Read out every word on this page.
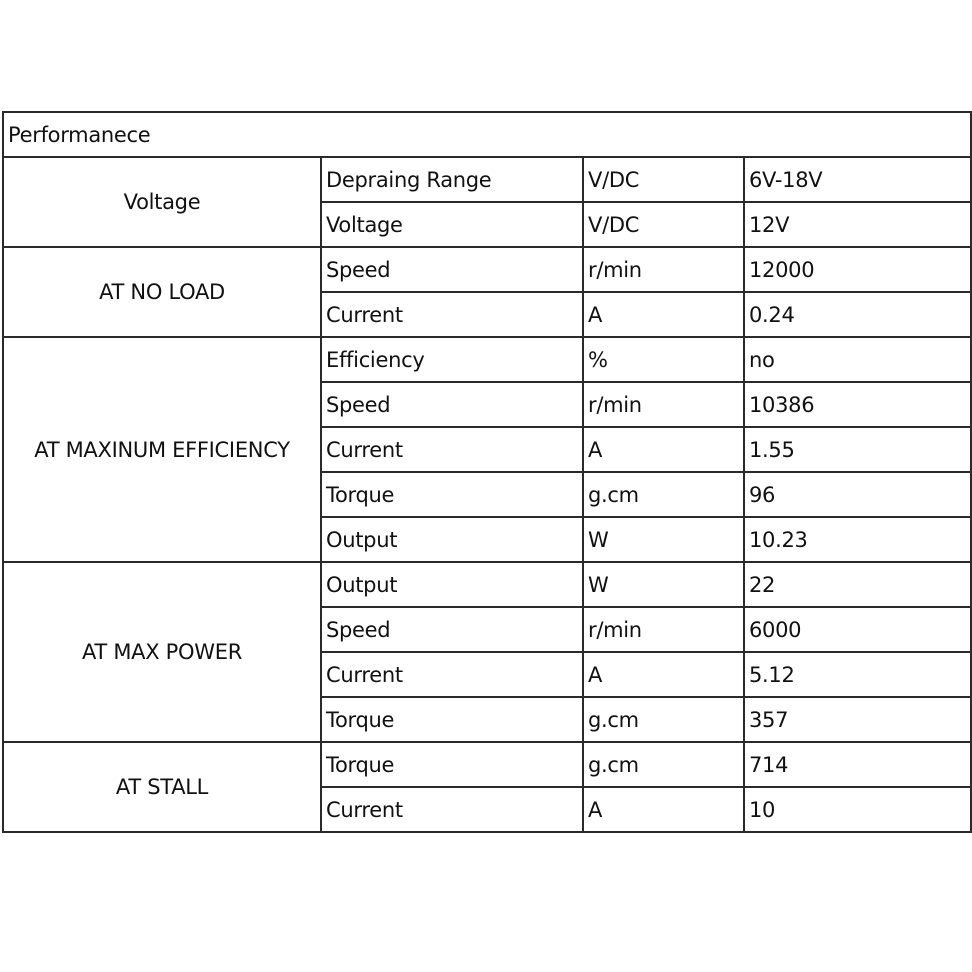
Performanece			
Voltage	Depraing Range	V/DC	6V-18V
	Voltage	V/DC	12V
AT NO LOAD	Speed	r/min	12000
	Current	A	0.24
AT MAXINUM EFFICIENCY	Efficiency	%	no
	Speed	r/min	10386
	Current	A	1.55
	Torque	g.cm	96
	Output	W	10.23
AT MAX POWER	Output	W	22
	Speed	r/min	6000
	Current	A	5.12
	Torque	g.cm	357
AT STALL	Torque	g.cm	714
	Current	A	10
